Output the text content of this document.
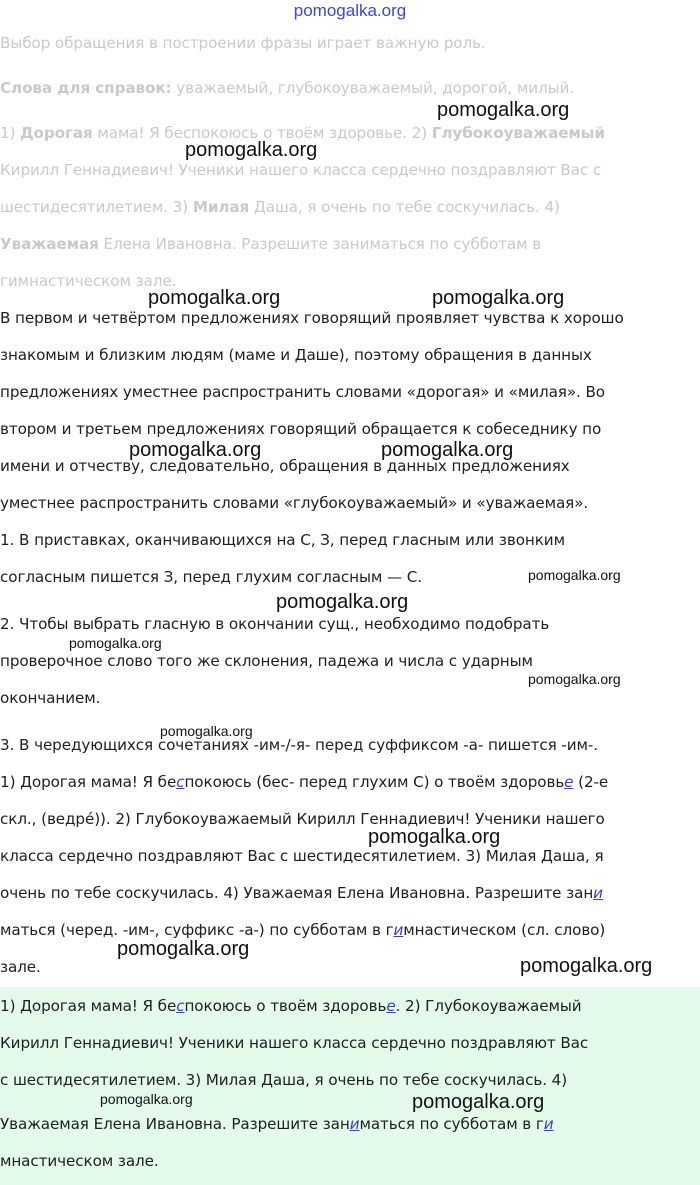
pomogalka.org
Выбор обращения в построении фразы играет важную роль.
Слова для справок: уважаемый, глубокоуважаемый, дорогой, милый.
1) Дорогая мама! Я беспокоюсь о твоём здоровье. 2) Глубокоуважаемый
Кирилл Геннадиевич! Ученики нашего класса сердечно поздравляют Вас с
шестидесятилетием. 3) Милая Даша, я очень по тебе соскучилась. 4)
Уважаемая Елена Ивановна. Разрешите заниматься по субботам в
гимнастическом зале.
В первом и четвёртом предложениях говорящий проявляет чувства к хорошо
знакомым и близким людям (маме и Даше), поэтому обращения в данных
предложениях уместнее распространить словами «дорогая» и «милая». Во
втором и третьем предложениях говорящий обращается к собеседнику по
имени и отчеству, следовательно, обращения в данных предложениях
уместнее распространить словами «глубокоуважаемый» и «уважаемая».
1. В приставках, оканчивающихся на С, З, перед гласным или звонким
согласным пишется З, перед глухим согласным — С.
2. Чтобы выбрать гласную в окончании сущ., необходимо подобрать
проверочное слово того же склонения, падежа и числа с ударным
окончанием.
3. В чередующихся сочетаниях -им-/-я- перед суффиксом -а- пишется -им-.
1) Дорогая мама! Я беспокоюсь (бес- перед глухим С) о твоём здоровье (2-е
скл., (ведрé)). 2) Глубокоуважаемый Кирилл Геннадиевич! Ученики нашего
класса сердечно поздравляют Вас с шестидесятилетием. 3) Милая Даша, я
очень по тебе соскучилась. 4) Уважаемая Елена Ивановна. Разрешите зани
маться (черед. -им-, суффикс -а-) по субботам в гимнастическом (сл. слово)
зале.
1) Дорогая мама! Я беспокоюсь о твоём здоровье. 2) Глубокоуважаемый
Кирилл Геннадиевич! Ученики нашего класса сердечно поздравляют Вас
с шестидесятилетием. 3) Милая Даша, я очень по тебе соскучилась. 4)
Уважаемая Елена Ивановна. Разрешите заниматься по субботам в ги
мнастическом зале.
pomogalka.org
pomogalka.org
pomogalka.org	pomogalka.org
pomogalka.org	pomogalka.org
pomogalka.org
pomogalka.org
pomogalka.org
pomogalka.org
pomogalka.org
pomogalka.org
pomogalka.org
pomogalka.org
pomogalka.org	pomogalka.org
